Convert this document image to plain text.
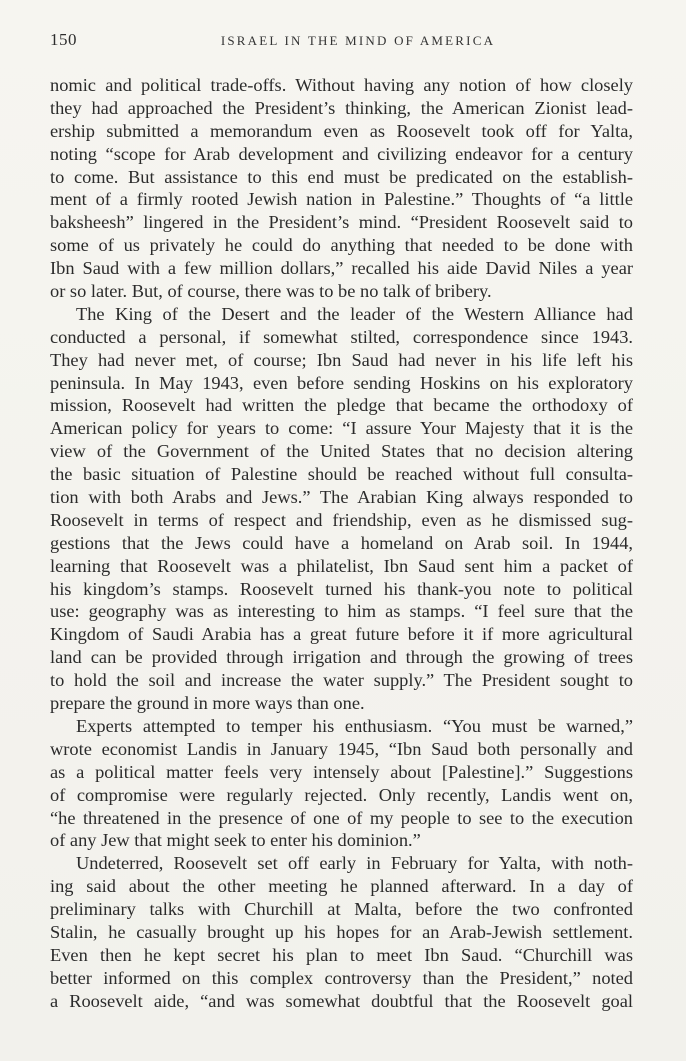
150	ISRAEL IN THE MIND OF AMERICA
nomic and political trade-offs. Without having any notion of how closely
they had approached the President’s thinking, the American Zionist lead-
ership submitted a memorandum even as Roosevelt took off for Yalta,
noting “scope for Arab development and civilizing endeavor for a century
to come. But assistance to this end must be predicated on the establish-
ment of a firmly rooted Jewish nation in Palestine.” Thoughts of “a little
baksheesh” lingered in the President’s mind. “President Roosevelt said to
some of us privately he could do anything that needed to be done with
Ibn Saud with a few million dollars,” recalled his aide David Niles a year
or so later. But, of course, there was to be no talk of bribery.
The King of the Desert and the leader of the Western Alliance had
conducted a personal, if somewhat stilted, correspondence since 1943.
They had never met, of course; Ibn Saud had never in his life left his
peninsula. In May 1943, even before sending Hoskins on his exploratory
mission, Roosevelt had written the pledge that became the orthodoxy of
American policy for years to come: “I assure Your Majesty that it is the
view of the Government of the United States that no decision altering
the basic situation of Palestine should be reached without full consulta-
tion with both Arabs and Jews.” The Arabian King always responded to
Roosevelt in terms of respect and friendship, even as he dismissed sug-
gestions that the Jews could have a homeland on Arab soil. In 1944,
learning that Roosevelt was a philatelist, Ibn Saud sent him a packet of
his kingdom’s stamps. Roosevelt turned his thank-you note to political
use: geography was as interesting to him as stamps. “I feel sure that the
Kingdom of Saudi Arabia has a great future before it if more agricultural
land can be provided through irrigation and through the growing of trees
to hold the soil and increase the water supply.” The President sought to
prepare the ground in more ways than one.
Experts attempted to temper his enthusiasm. “You must be warned,”
wrote economist Landis in January 1945, “Ibn Saud both personally and
as a political matter feels very intensely about [Palestine].” Suggestions
of compromise were regularly rejected. Only recently, Landis went on,
“he threatened in the presence of one of my people to see to the execution
of any Jew that might seek to enter his dominion.”
Undeterred, Roosevelt set off early in February for Yalta, with noth-
ing said about the other meeting he planned afterward. In a day of
preliminary talks with Churchill at Malta, before the two confronted
Stalin, he casually brought up his hopes for an Arab-Jewish settlement.
Even then he kept secret his plan to meet Ibn Saud. “Churchill was
better informed on this complex controversy than the President,” noted
a Roosevelt aide, “and was somewhat doubtful that the Roosevelt goal
